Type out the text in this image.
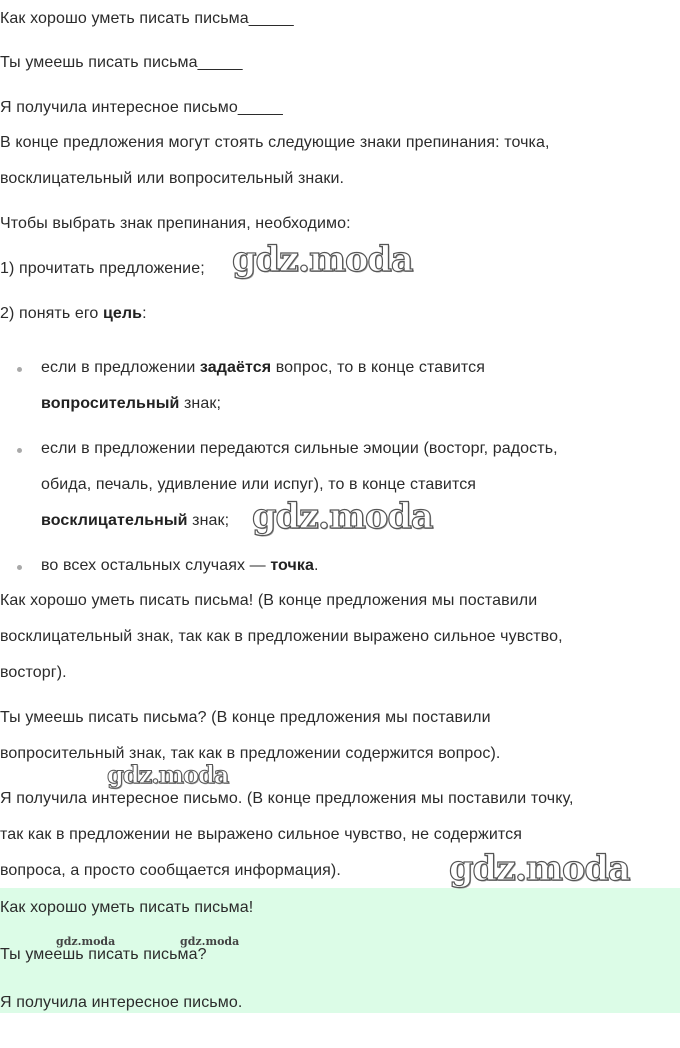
Как хорошо уметь писать письма_____
Ты умеешь писать письма_____
Я получила интересное письмо_____
В конце предложения могут стоять следующие знаки препинания: точка,
восклицательный или вопросительный знаки.
Чтобы выбрать знак препинания, необходимо:
1) прочитать предложение;
2) понять его цель:
если в предложении задаётся вопрос, то в конце ставится
вопросительный знак;
если в предложении передаются сильные эмоции (восторг, радость,
обида, печаль, удивление или испуг), то в конце ставится
восклицательный знак;
во всех остальных случаях — точка.
Как хорошо уметь писать письма! (В конце предложения мы поставили
восклицательный знак, так как в предложении выражено сильное чувство,
восторг).
Ты умеешь писать письма? (В конце предложения мы поставили
вопросительный знак, так как в предложении содержится вопрос).
Я получила интересное письмо. (В конце предложения мы поставили точку,
так как в предложении не выражено сильное чувство, не содержится
вопроса, а просто сообщается информация).
Как хорошо уметь писать письма!
Ты умеешь писать письма?
Я получила интересное письмо.
gdz.moda
gdz.moda
gdz.moda
gdz.moda
gdz.moda	gdz.moda
